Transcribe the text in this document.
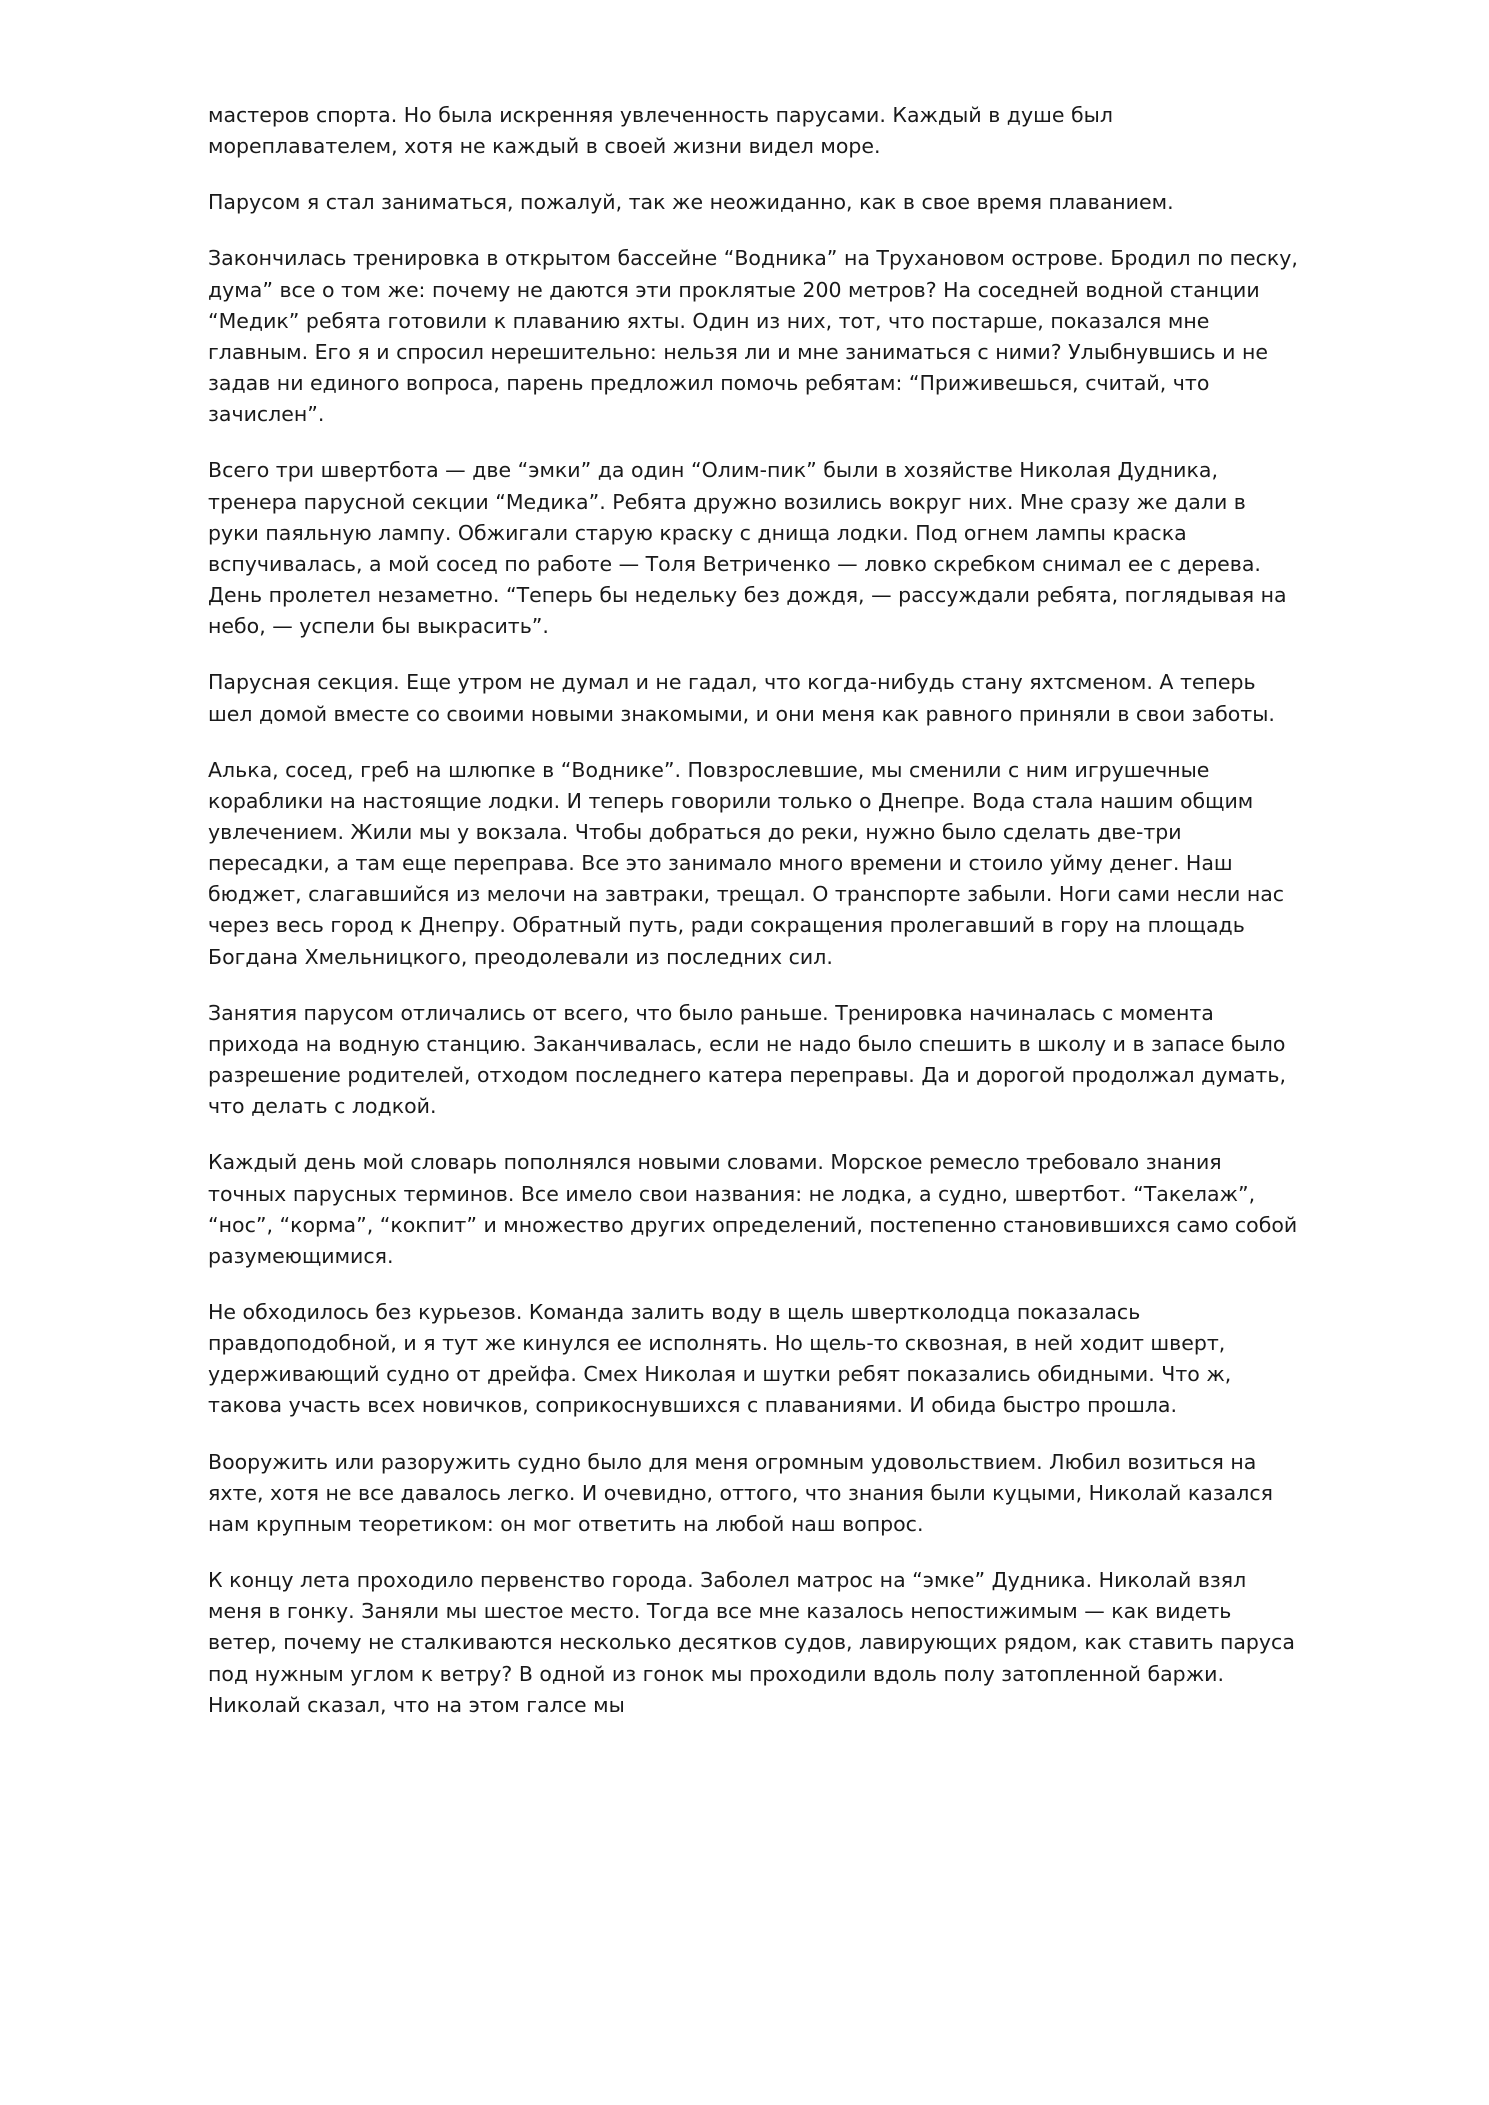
мастеров спорта. Но была искренняя увлеченность парусами. Каждый в душе был мореплавателем, хотя не каждый в своей жизни видел море.

Парусом я стал заниматься, пожалуй, так же неожиданно, как в свое время плаванием.

Закончилась тренировка в открытом бассейне “Водника” на Трухановом острове. Бродил по песку, дума” все о том же: почему не даются эти проклятые 200 метров? На соседней водной станции “Медик” ребята готовили к плаванию яхты. Один из них, тот, что постарше, показался мне главным. Его я и спросил нерешительно: нельзя ли и мне заниматься с ними? Улыбнувшись и не задав ни единого вопроса, парень предложил помочь ребятам: “Приживешься, считай, что зачислен”.

Всего три швертбота — две “эмки” да один “Олим-пик” были в хозяйстве Николая Дудника, тренера парусной секции “Медика”. Ребята дружно возились вокруг них. Мне сразу же дали в руки паяльную лампу. Обжигали старую краску с днища лодки. Под огнем лампы краска вспучивалась, а мой сосед по работе — Толя Ветриченко — ловко скребком снимал ее с дерева. День пролетел незаметно. “Теперь бы недельку без дождя, — рассуждали ребята, поглядывая на небо, — успели бы выкрасить”.

Парусная секция. Еще утром не думал и не гадал, что когда-нибудь стану яхтсменом. А теперь шел домой вместе со своими новыми знакомыми, и они меня как равного приняли в свои заботы.

Алька, сосед, греб на шлюпке в “Воднике”. Повзрослевшие, мы сменили с ним игрушечные кораблики на настоящие лодки. И теперь говорили только о Днепре. Вода стала нашим общим увлечением. Жили мы у вокзала. Чтобы добраться до реки, нужно было сделать две-три пересадки, а там еще переправа. Все это занимало много времени и стоило уйму денег. Наш бюджет, слагавшийся из мелочи на завтраки, трещал. О транспорте забыли. Ноги сами несли нас через весь город к Днепру. Обратный путь, ради сокращения пролегавший в гору на площадь Богдана Хмельницкого, преодолевали из последних сил.

Занятия парусом отличались от всего, что было раньше. Тренировка начиналась с момента прихода на водную станцию. Заканчивалась, если не надо было спешить в школу и в запасе было разрешение родителей, отходом последнего катера переправы. Да и дорогой продолжал думать, что делать с лодкой.

Каждый день мой словарь пополнялся новыми словами. Морское ремесло требовало знания точных парусных терминов. Все имело свои названия: не лодка, а судно, швертбот. “Такелаж”, “нос”, “корма”, “кокпит” и множество других определений, постепенно становившихся само собой разумеющимися.

Не обходилось без курьезов. Команда залить воду в щель швертколодца показалась правдоподобной, и я тут же кинулся ее исполнять. Но щель-то сквозная, в ней ходит шверт, удерживающий судно от дрейфа. Смех Николая и шутки ребят показались обидными. Что ж, такова участь всех новичков, соприкоснувшихся с плаваниями. И обида быстро прошла.

Вооружить или разоружить судно было для меня огромным удовольствием. Любил возиться на яхте, хотя не все давалось легко. И очевидно, оттого, что знания были куцыми, Николай казался нам крупным теоретиком: он мог ответить на любой наш вопрос.

К концу лета проходило первенство города. Заболел матрос на “эмке” Дудника. Николай взял меня в гонку. Заняли мы шестое место. Тогда все мне казалось непостижимым — как видеть ветер, почему не сталкиваются несколько десятков судов, лавирующих рядом, как ставить паруса под нужным углом к ветру? В одной из гонок мы проходили вдоль полу затопленной баржи. Николай сказал, что на этом галсе мы
